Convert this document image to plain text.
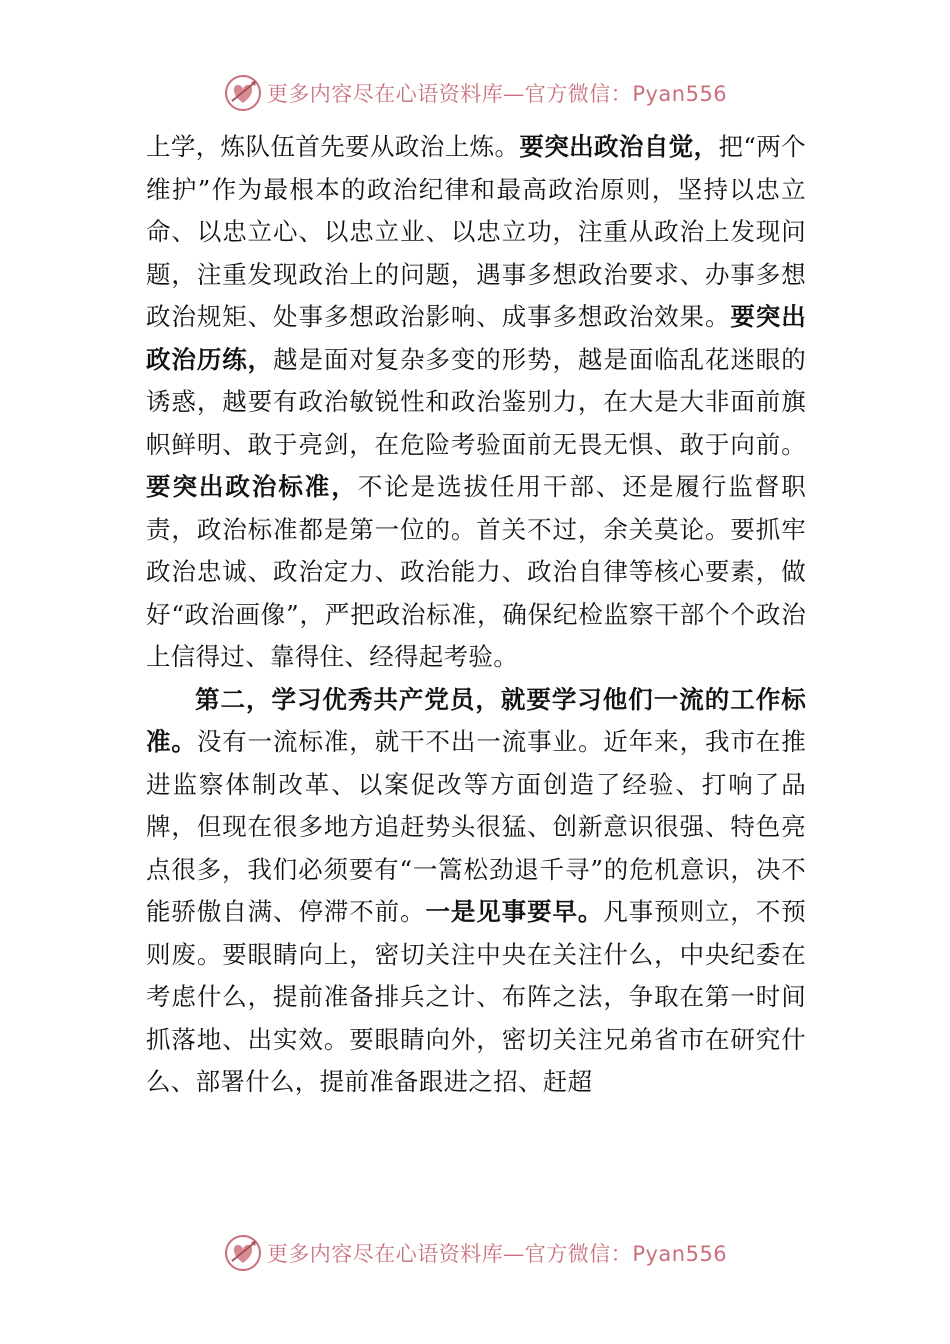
更多内容尽在心语资料库—官方微信：Pyan556

上学，炼队伍首先要从政治上炼。要突出政治自觉，把“两个维护”作为最根本的政治纪律和最高政治原则，坚持以忠立命、以忠立心、以忠立业、以忠立功，注重从政治上发现问题，注重发现政治上的问题，遇事多想政治要求、办事多想政治规矩、处事多想政治影响、成事多想政治效果。要突出政治历练，越是面对复杂多变的形势，越是面临乱花迷眼的诱惑，越要有政治敏锐性和政治鉴别力，在大是大非面前旗帜鲜明、敢于亮剑，在危险考验面前无畏无惧、敢于向前。要突出政治标准，不论是选拔任用干部、还是履行监督职责，政治标准都是第一位的。首关不过，余关莫论。要抓牢政治忠诚、政治定力、政治能力、政治自律等核心要素，做好“政治画像”，严把政治标准，确保纪检监察干部个个政治上信得过、靠得住、经得起考验。

第二，学习优秀共产党员，就要学习他们一流的工作标准。没有一流标准，就干不出一流事业。近年来，我市在推进监察体制改革、以案促改等方面创造了经验、打响了品牌，但现在很多地方追赶势头很猛、创新意识很强、特色亮点很多，我们必须要有“一篙松劲退千寻”的危机意识，决不能骄傲自满、停滞不前。一是见事要早。凡事预则立，不预则废。要眼睛向上，密切关注中央在关注什么，中央纪委在考虑什么，提前准备排兵之计、布阵之法，争取在第一时间抓落地、出实效。要眼睛向外，密切关注兄弟省市在研究什么、部署什么，提前准备跟进之招、赶超

更多内容尽在心语资料库—官方微信：Pyan556
